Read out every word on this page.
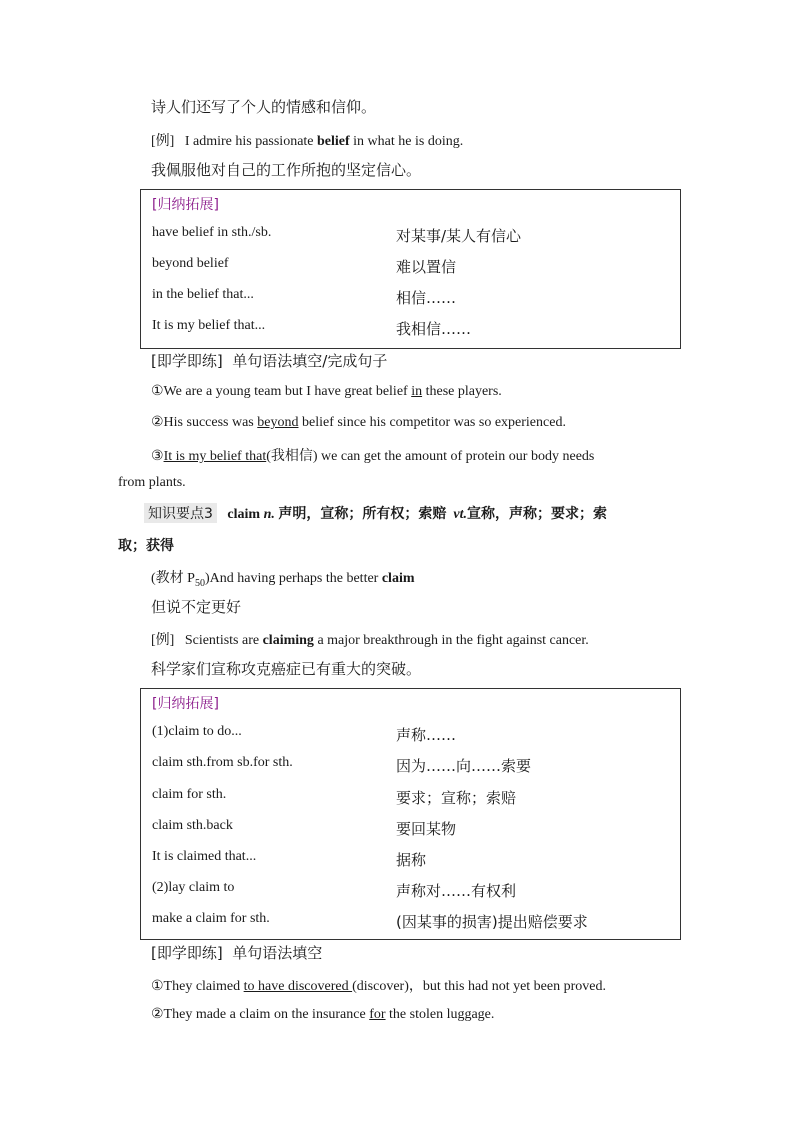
诗人们还写了个人的情感和信仰。
[例] I admire his passionate belief in what he is doing.
我佩服他对自己的工作所抱的坚定信心。
[归纳拓展]
have belief in sth./sb.	对某事/某人有信心
beyond belief	难以置信
in the belief that...	相信……
It is my belief that...	我相信……
[即学即练] 单句语法填空/完成句子
①We are a young team but I have great belief in these players.
②His success was beyond belief since his competitor was so experienced.
③It is my belief that(我相信) we can get the amount of protein our body needs
from plants.
知识要点3 claim n. 声明，宣称；所有权；索赔 vt.宣称，声称；要求；索
取；获得
(教材 $P_{50})And$ having perhaps the better claim
但说不定更好
[例] Scientists are claiming a major breakthrough in the fight against cancer.
科学家们宣称攻克癌症已有重大的突破。
[归纳拓展]
(1)claim to do...	声称……
claim sth.from sb.for sth.	因为……向……索要
claim for sth.	要求；宣称；索赔
claim sth.back	要回某物
It is claimed that...	据称
(2)lay claim to	声称对……有权利
make a claim for sth.	(因某事的损害)提出赔偿要求
[即学即练] 单句语法填空
①They claimed to have discovered (discover)，but this had not yet been proved.
②They made a claim on the insurance for the stolen luggage.
